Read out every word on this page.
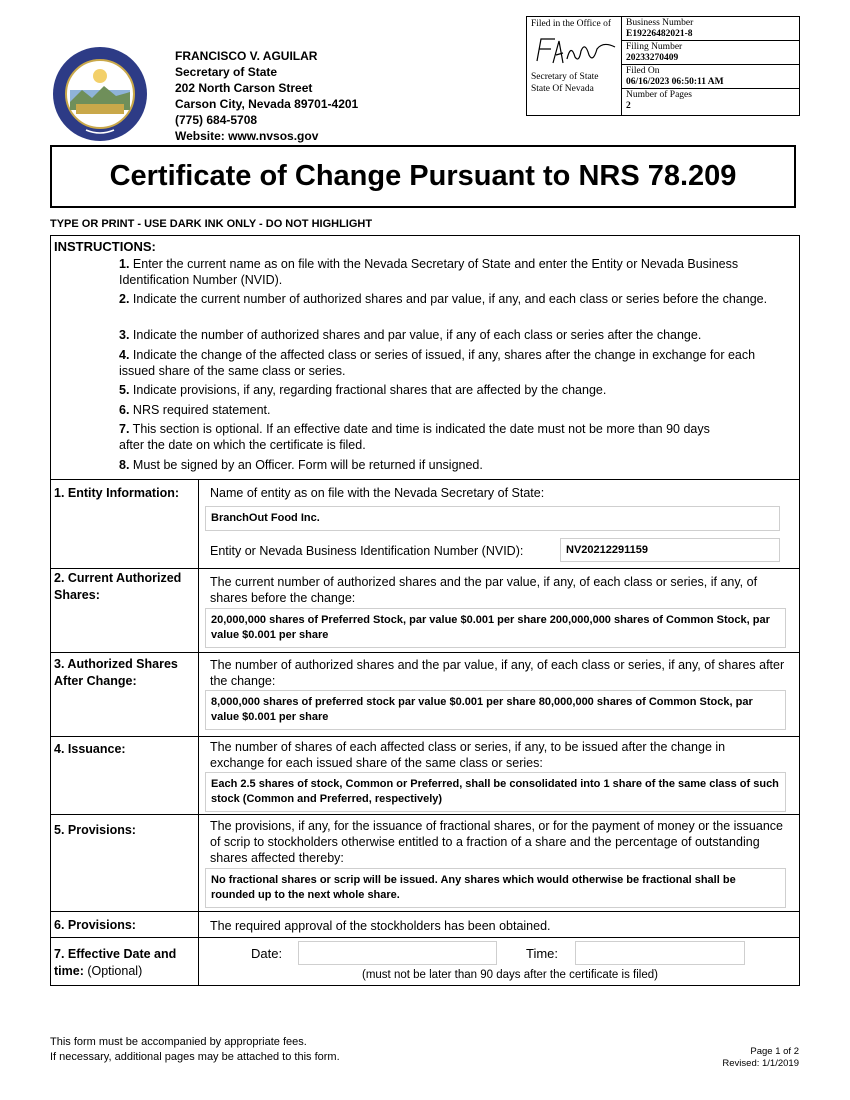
FRANCISCO V. AGUILAR
Secretary of State
202 North Carson Street
Carson City, Nevada 89701-4201
(775) 684-5708
Website: www.nvsos.gov
Filed in the Office of
Secretary of State
State Of Nevada
Business Number
E19226482021-8
Filing Number
20233270409
Filed On
06/16/2023 06:50:11 AM
Number of Pages
2
Certificate of Change Pursuant to NRS 78.209
TYPE OR PRINT - USE DARK INK ONLY - DO NOT HIGHLIGHT
INSTRUCTIONS:
1. Enter the current name as on file with the Nevada Secretary of State and enter the Entity or Nevada Business Identification Number (NVID).
2. Indicate the current number of authorized shares and par value, if any, and each class or series before the change.
3. Indicate the number of authorized shares and par value, if any of each class or series after the change.
4. Indicate the change of the affected class or series of issued, if any, shares after the change in exchange for each issued share of the same class or series.
5. Indicate provisions, if any, regarding fractional shares that are affected by the change.
6. NRS required statement.
7. This section is optional. If an effective date and time is indicated the date must not be more than 90 days after the date on which the certificate is filed.
8. Must be signed by an Officer. Form will be returned if unsigned.
1. Entity Information: Name of entity as on file with the Nevada Secretary of State:
BranchOut Food Inc.
Entity or Nevada Business Identification Number (NVID):	NV20212291159
2. Current Authorized Shares:
The current number of authorized shares and the par value, if any, of each class or series, if any, of shares before the change:
20,000,000 shares of Preferred Stock, par value $0.001 per share 200,000,000 shares of Common Stock, par value $0.001 per share
3. Authorized Shares After Change:
The number of authorized shares and the par value, if any, of each class or series, if any, of shares after the change:
8,000,000 shares of preferred stock par value $0.001 per share 80,000,000 shares of Common Stock, par value $0.001 per share
4. Issuance:	The number of shares of each affected class or series, if any, to be issued after the change in exchange for each issued share of the same class or series:
Each 2.5 shares of stock, Common or Preferred, shall be consolidated into 1 share of the same class of such stock (Common and Preferred, respectively)
5. Provisions:	The provisions, if any, for the issuance of fractional shares, or for the payment of money or the issuance of scrip to stockholders otherwise entitled to a fraction of a share and the percentage of outstanding shares affected thereby:
No fractional shares or scrip will be issued. Any shares which would otherwise be fractional shall be rounded up to the next whole share.
6. Provisions:	The required approval of the stockholders has been obtained.
7. Effective Date and time: (Optional)
Date:	Time:
(must not be later than 90 days after the certificate is filed)
This form must be accompanied by appropriate fees.
If necessary, additional pages may be attached to this form.	Page 1 of 2
Revised: 1/1/2019
